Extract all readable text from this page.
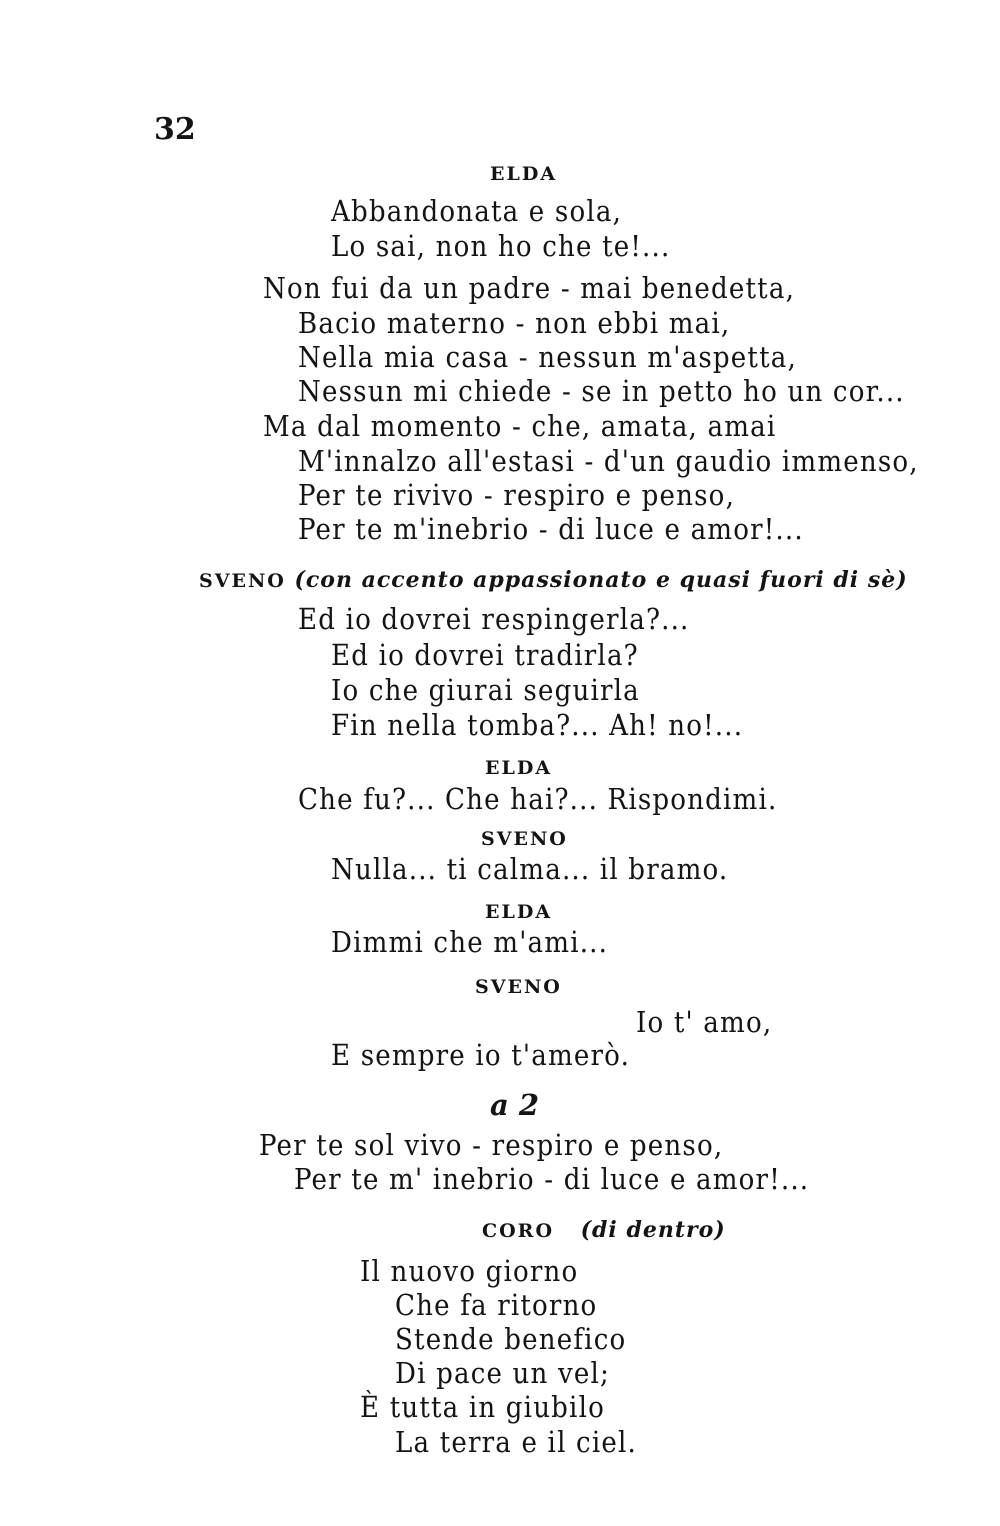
32
ELDA
Abbandonata e sola,
Lo sai, non ho che te!...
Non fui da un padre - mai benedetta,
Bacio materno - non ebbi mai,
Nella mia casa - nessun m'aspetta,
Nessun mi chiede - se in petto ho un cor...
Ma dal momento - che, amata, amai
M'innalzo all'estasi - d'un gaudio immenso,
Per te rivivo - respiro e penso,
Per te m'inebrio - di luce e amor!...
SVENO (con accento appassionato e quasi fuori di sè)
Ed io dovrei respingerla?...
Ed io dovrei tradirla?
Io che giurai seguirla
Fin nella tomba?... Ah! no!...
ELDA
Che fu?... Che hai?... Rispondimi.
SVENO
Nulla... ti calma... il bramo.
ELDA
Dimmi che m'ami...
SVENO
Io t' amo,
E sempre io t'amerò.
a 2
Per te sol vivo - respiro e penso,
Per te m' inebrio - di luce e amor!...
CORO (di dentro)
Il nuovo giorno
Che fa ritorno
Stende benefico
Di pace un vel;
È tutta in giubilo
La terra e il ciel.
